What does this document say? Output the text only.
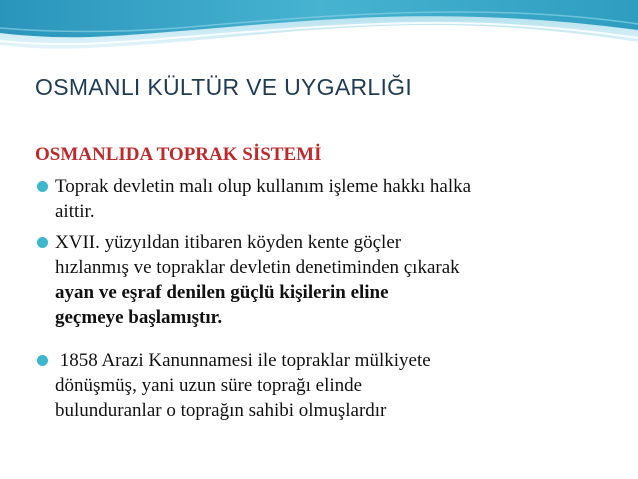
OSMANLI KÜLTÜR VE UYGARLIĞI
OSMANLIDA TOPRAK SİSTEMİ
Toprak devletin malı olup kullanım işleme hakkı halka
aittir.
XVII. yüzyıldan itibaren köyden kente göçler
hızlanmış ve topraklar devletin denetiminden çıkarak
ayan ve eşraf denilen güçlü kişilerin eline
geçmeye başlamıştır.
1858 Arazi Kanunnamesi ile topraklar mülkiyete
dönüşmüş, yani uzun süre toprağı elinde
bulunduranlar o toprağın sahibi olmuşlardır
